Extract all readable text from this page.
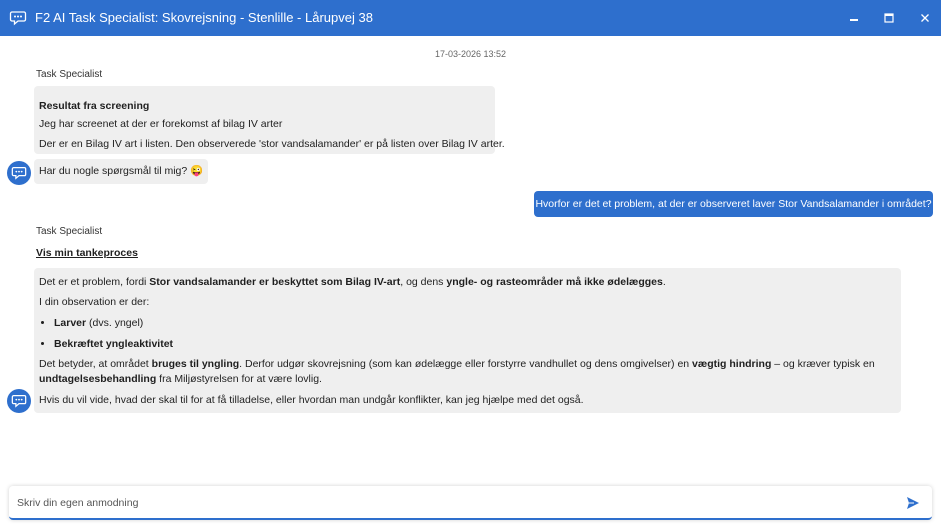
F2 AI Task Specialist: Skovrejsning - Stenlille - Lårupvej 38
17-03-2026 13:52
Task Specialist

Resultat fra screening

Jeg har screenet at der er forekomst af bilag IV arter

Der er en Bilag IV art i listen. Den observerede 'stor vandsalamander' er på listen over Bilag IV arter.

Har du nogle spørgsmål til mig? 😜

Hvorfor er det et problem, at der er observeret laver Stor Vandsalamander i området?
Task Specialist
Vis min tankeproces

Det er et problem, fordi Stor vandsalamander er beskyttet som Bilag IV-art, og dens yngle- og rasteområder må ikke ødelægges.

I din observation er der:

• Larver (dvs. yngel)
• Bekræftet yngleaktivitet

Det betyder, at området bruges til yngling. Derfor udgør skovrejsning (som kan ødelægge eller forstyrre vandhullet og dens omgivelser) en vægtig hindring – og kræver typisk en undtagelsesbehandling fra Miljøstyrelsen for at være lovlig.

Hvis du vil vide, hvad der skal til for at få tilladelse, eller hvordan man undgår konflikter, kan jeg hjælpe med det også.

Skriv din egen anmodning
